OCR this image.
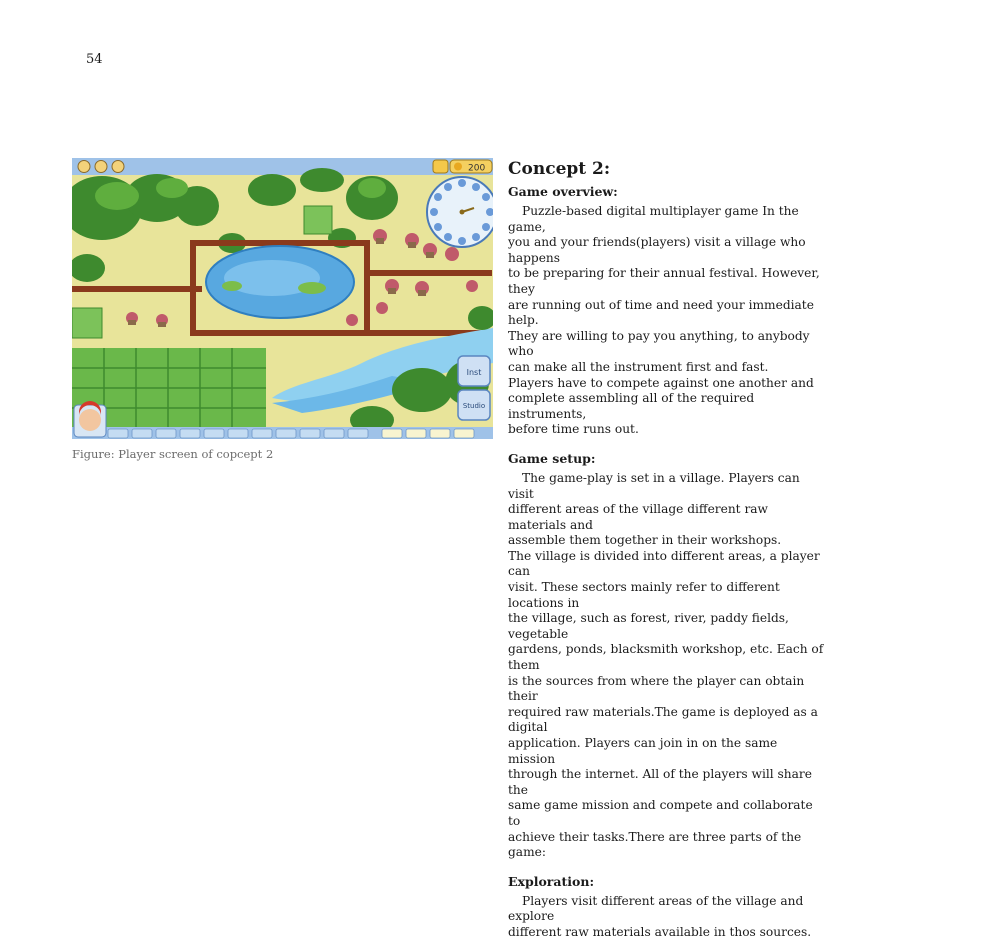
54
200
Inst
Studio
Figure: Player screen of copcept 2
Concept 2:
Game overview:
Puzzle-based digital multiplayer game In the game,
you and your friends(players) visit a village who happens
to be preparing for their annual festival. However, they
are running out of time and need your immediate help.
They are willing to pay you anything, to anybody who
can make all the instrument first and fast.
Players have to compete against one another and
complete assembling all of the required instruments,
before time runs out.
Game setup:
The game-play is set in a village. Players can visit
different areas of the village different raw materials and
assemble them together in their workshops.
The village is divided into different areas, a player can
visit. These sectors mainly refer to different locations in
the village, such as forest, river, paddy fields, vegetable
gardens, ponds, blacksmith workshop, etc. Each of them
is the sources from where the player can obtain their
required raw materials.The game is deployed as a digital
application. Players can join in on the same mission
through the internet. All of the players will share the
same game mission and compete and collaborate to
achieve their tasks.There are three parts of the game:
Exploration:
Players visit different areas of the village and explore
different raw materials available in thos sources.
